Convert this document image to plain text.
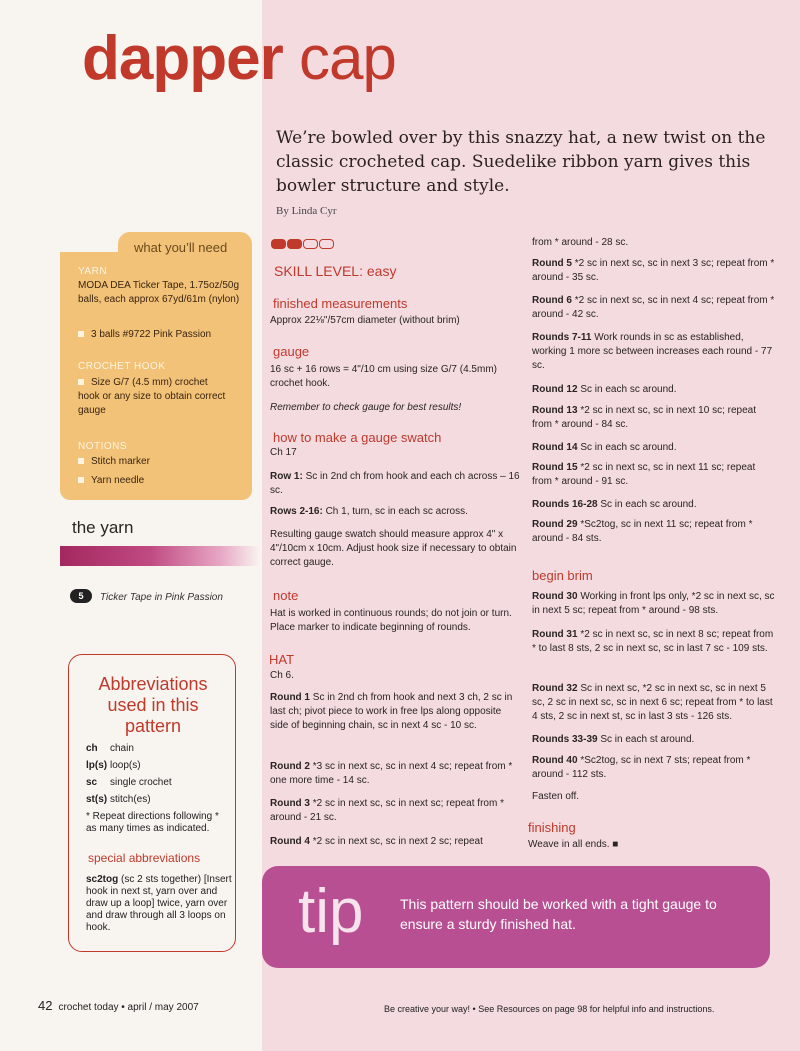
dapper cap
We’re bowled over by this snazzy hat, a new twist on the classic crocheted cap. Suedelike ribbon yarn gives this bowler structure and style.
By Linda Cyr
what you’ll need
YARN
MODA DEA Ticker Tape, 1.75oz/50g balls, each approx 67yd/61m (nylon)
3 balls #9722 Pink Passion
CROCHET HOOK
Size G/7 (4.5 mm) crochet hook or any size to obtain correct gauge
NOTIONS
Stitch marker
Yarn needle
the yarn
5	Ticker Tape in Pink Passion
Abbreviations used in this pattern
ch chain
lp(s) loop(s)
sc single crochet
st(s) stitch(es)
* Repeat directions following * as many times as indicated.
special abbreviations
sc2tog (sc 2 sts together) [Insert hook in next st, yarn over and draw up a loop] twice, yarn over and draw through all 3 loops on hook.
SKILL LEVEL: easy
finished measurements
Approx 22⅛"/57cm diameter (without brim)
gauge
16 sc + 16 rows = 4"/10 cm using size G/7 (4.5mm) crochet hook.
Remember to check gauge for best results!
how to make a gauge swatch
Ch 17
Row 1: Sc in 2nd ch from hook and each ch across – 16 sc.
Rows 2-16: Ch 1, turn, sc in each sc across.
Resulting gauge swatch should measure approx 4" x 4"/10cm x 10cm. Adjust hook size if necessary to obtain correct gauge.
note
Hat is worked in continuous rounds; do not join or turn. Place marker to indicate beginning of rounds.
HAT
Ch 6.
Round 1 Sc in 2nd ch from hook and next 3 ch, 2 sc in last ch; pivot piece to work in free lps along opposite side of beginning chain, sc in next 4 sc - 10 sc.
Round 2 *3 sc in next sc, sc in next 4 sc; repeat from * one more time - 14 sc.
Round 3 *2 sc in next sc, sc in next sc; repeat from * around - 21 sc.
Round 4 *2 sc in next sc, sc in next 2 sc; repeat
from * around - 28 sc.
Round 5 *2 sc in next sc, sc in next 3 sc; repeat from * around - 35 sc.
Round 6 *2 sc in next sc, sc in next 4 sc; repeat from * around - 42 sc.
Rounds 7-11 Work rounds in sc as established, working 1 more sc between increases each round - 77 sc.
Round 12 Sc in each sc around.
Round 13 *2 sc in next sc, sc in next 10 sc; repeat from * around - 84 sc.
Round 14 Sc in each sc around.
Round 15 *2 sc in next sc, sc in next 11 sc; repeat from * around - 91 sc.
Rounds 16-28 Sc in each sc around.
Round 29 *Sc2tog, sc in next 11 sc; repeat from * around - 84 sts.
begin brim
Round 30 Working in front lps only, *2 sc in next sc, sc in next 5 sc; repeat from * around - 98 sts.
Round 31 *2 sc in next sc, sc in next 8 sc; repeat from * to last 8 sts, 2 sc in next sc, sc in last 7 sc - 109 sts.
Round 32 Sc in next sc, *2 sc in next sc, sc in next 5 sc, 2 sc in next sc, sc in next 6 sc; repeat from * to last 4 sts, 2 sc in next st, sc in last 3 sts - 126 sts.
Rounds 33-39 Sc in each st around.
Round 40 *Sc2tog, sc in next 7 sts; repeat from * around - 112 sts.
Fasten off.
finishing
Weave in all ends. ■
tip	This pattern should be worked with a tight gauge to ensure a sturdy finished hat.
42 crochet today • april / may 2007	Be creative your way! • See Resources on page 98 for helpful info and instructions.
